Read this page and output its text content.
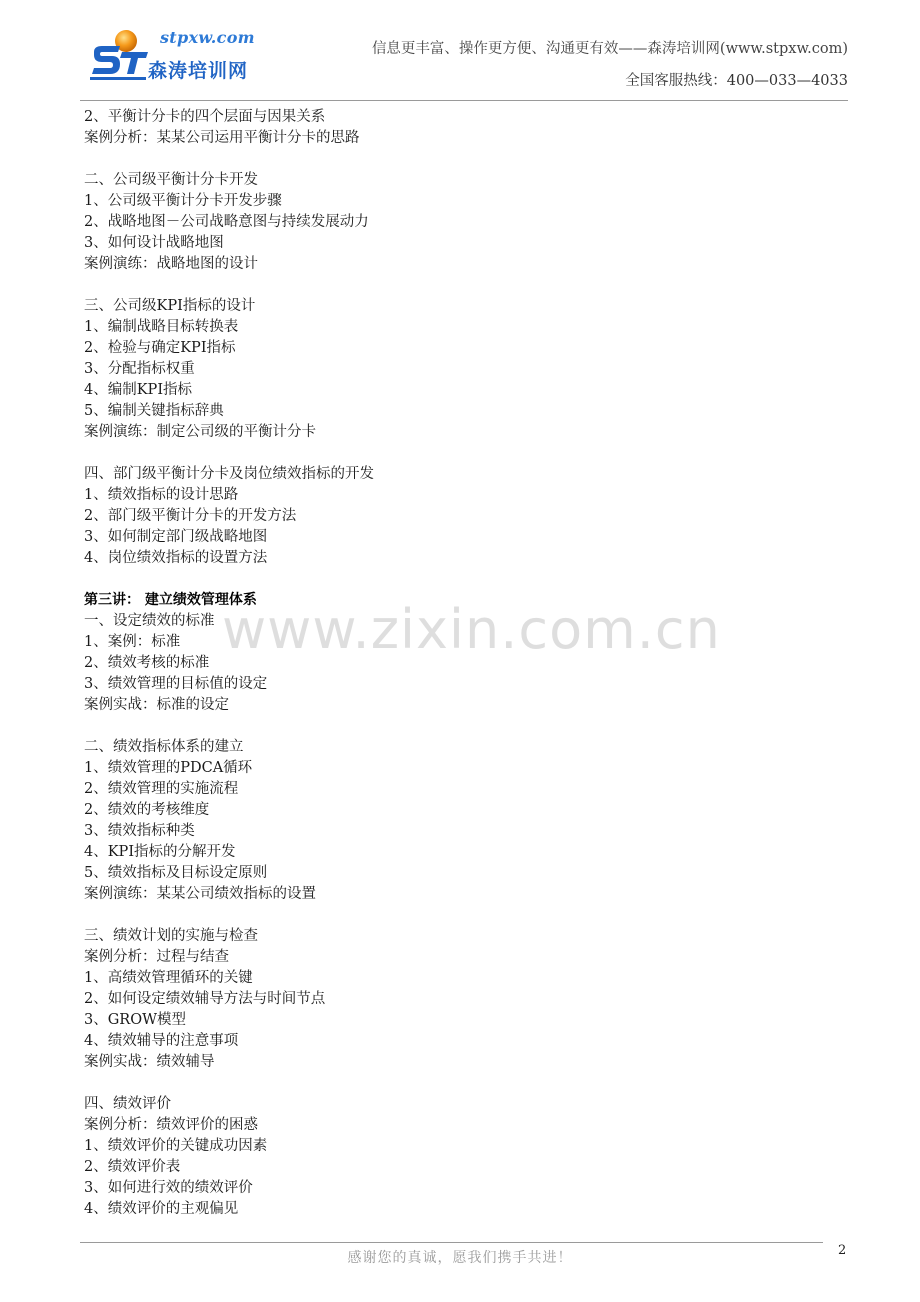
stpxw.com
森涛培训网
信息更丰富、操作更方便、沟通更有效——森涛培训网(www.stpxw.com)
全国客服热线：400—033—4033
www.zixin.com.cn
2、平衡计分卡的四个层面与因果关系
案例分析：某某公司运用平衡计分卡的思路
二、公司级平衡计分卡开发
1、公司级平衡计分卡开发步骤
2、战略地图－公司战略意图与持续发展动力
3、如何设计战略地图
案例演练：战略地图的设计
三、公司级KPI指标的设计
1、编制战略目标转换表
2、检验与确定KPI指标
3、分配指标权重
4、编制KPI指标
5、编制关键指标辞典
案例演练：制定公司级的平衡计分卡
四、部门级平衡计分卡及岗位绩效指标的开发
1、绩效指标的设计思路
2、部门级平衡计分卡的开发方法
3、如何制定部门级战略地图
4、岗位绩效指标的设置方法
第三讲： 建立绩效管理体系
一、设定绩效的标准
1、案例：标准
2、绩效考核的标准
3、绩效管理的目标值的设定
案例实战：标准的设定
二、绩效指标体系的建立
1、绩效管理的PDCA循环
2、绩效管理的实施流程
2、绩效的考核维度
3、绩效指标种类
4、KPI指标的分解开发
5、绩效指标及目标设定原则
案例演练：某某公司绩效指标的设置
三、绩效计划的实施与检查
案例分析：过程与结查
1、高绩效管理循环的关键
2、如何设定绩效辅导方法与时间节点
3、GROW模型
4、绩效辅导的注意事项
案例实战：绩效辅导
四、绩效评价
案例分析：绩效评价的困惑
1、绩效评价的关键成功因素
2、绩效评价表
3、如何进行效的绩效评价
4、绩效评价的主观偏见
感谢您的真诚，愿我们携手共进！	2
